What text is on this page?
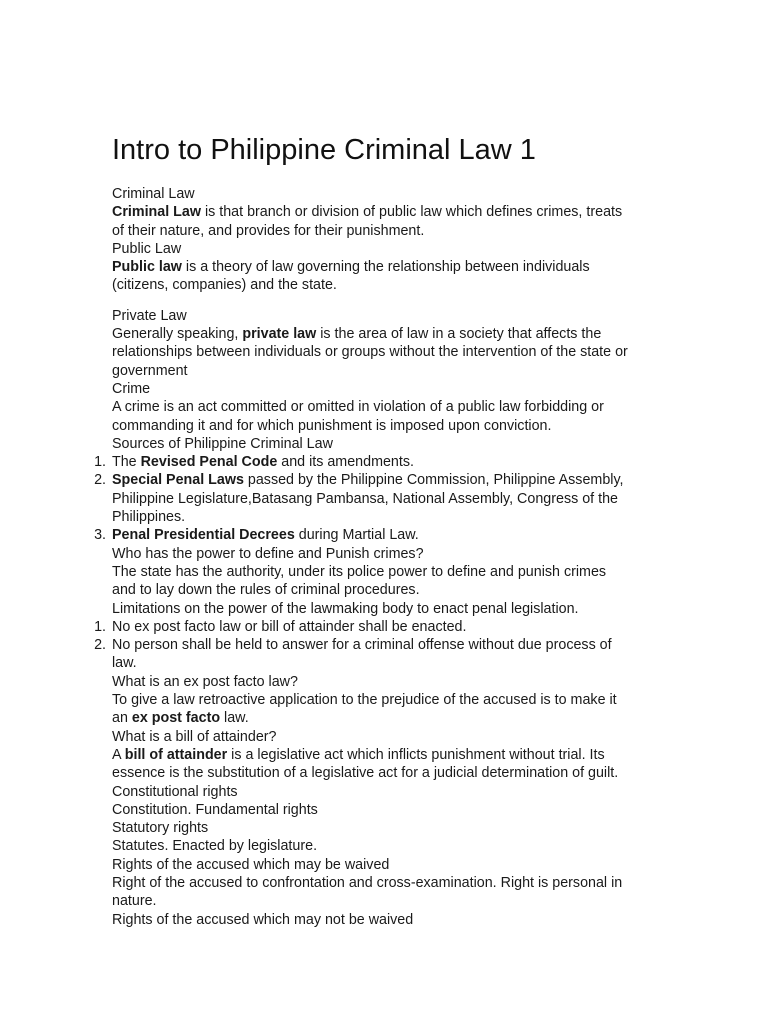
Intro to Philippine Criminal Law 1

Criminal Law

Criminal Law is that branch or division of public law which defines crimes, treats

of their nature, and provides for their punishment.

Public Law

Public law is a theory of law governing the relationship between individuals

(citizens, companies) and the state.

Private Law

Generally speaking, private law is the area of law in a society that affects the

relationships between individuals or groups without the intervention of the state or

government

Crime

A crime is an act committed or omitted in violation of a public law forbidding or

commanding it and for which punishment is imposed upon conviction.

Sources of Philippine Criminal Law

1. The Revised Penal Code and its amendments.

2. Special Penal Laws passed by the Philippine Commission, Philippine Assembly,

Philippine Legislature,Batasang Pambansa, National Assembly, Congress of the

Philippines.

3. Penal Presidential Decrees during Martial Law.

Who has the power to define and Punish crimes?

The state has the authority, under its police power to define and punish crimes

and to lay down the rules of criminal procedures.

Limitations on the power of the lawmaking body to enact penal legislation.

1. No ex post facto law or bill of attainder shall be enacted.

2. No person shall be held to answer for a criminal offense without due process of

law.

What is an ex post facto law?

To give a law retroactive application to the prejudice of the accused is to make it

an ex post facto law.

What is a bill of attainder?

A bill of attainder is a legislative act which inflicts punishment without trial. Its

essence is the substitution of a legislative act for a judicial determination of guilt.

Constitutional rights

Constitution. Fundamental rights

Statutory rights

Statutes. Enacted by legislature.

Rights of the accused which may be waived

Right of the accused to confrontation and cross-examination. Right is personal in

nature.

Rights of the accused which may not be waived
